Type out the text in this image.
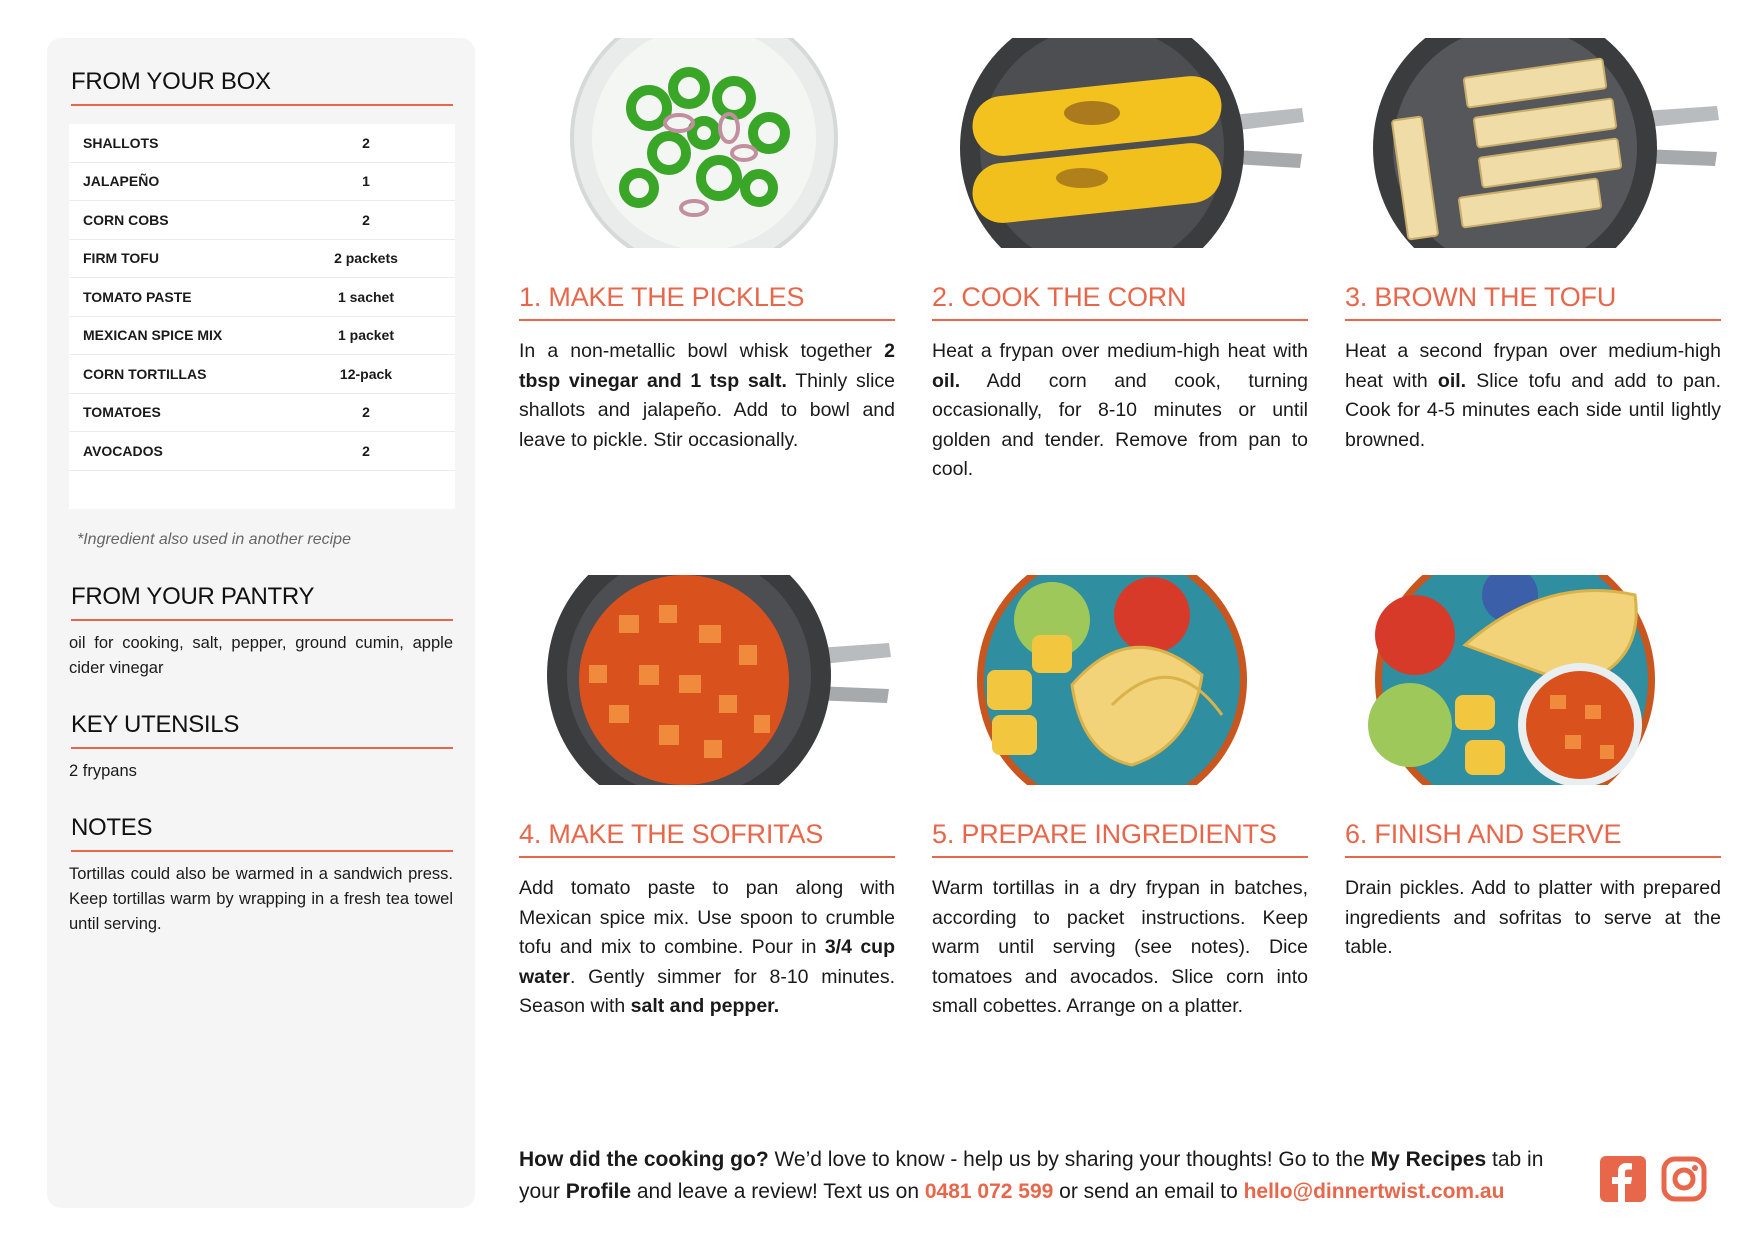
FROM YOUR BOX
SHALLOTS	2
JALAPEÑO	1
CORN COBS	2
FIRM TOFU	2 packets
TOMATO PASTE	1 sachet
MEXICAN SPICE MIX	1 packet
CORN TORTILLAS	12-pack
TOMATOES	2
AVOCADOS	2
*Ingredient also used in another recipe
FROM YOUR PANTRY
oil for cooking, salt, pepper, ground cumin, apple cider vinegar
KEY UTENSILS
2 frypans
NOTES
Tortillas could also be warmed in a sandwich press. Keep tortillas warm by wrapping in a fresh tea towel until serving.
1. MAKE THE PICKLES
In a non-metallic bowl whisk together 2 tbsp vinegar and 1 tsp salt. Thinly slice shallots and jalapeño. Add to bowl and leave to pickle. Stir occasionally.
2. COOK THE CORN
Heat a frypan over medium-high heat with oil. Add corn and cook, turning occasionally, for 8-10 minutes or until golden and tender. Remove from pan to cool.
3. BROWN THE TOFU
Heat a second frypan over medium-high heat with oil. Slice tofu and add to pan. Cook for 4-5 minutes each side until lightly browned.
4. MAKE THE SOFRITAS
Add tomato paste to pan along with Mexican spice mix. Use spoon to crumble tofu and mix to combine. Pour in 3/4 cup water. Gently simmer for 8-10 minutes. Season with salt and pepper.
5. PREPARE INGREDIENTS
Warm tortillas in a dry frypan in batches, according to packet instructions. Keep warm until serving (see notes). Dice tomatoes and avocados. Slice corn into small cobettes. Arrange on a platter.
6. FINISH AND SERVE
Drain pickles. Add to platter with prepared ingredients and sofritas to serve at the table.
How did the cooking go? We’d love to know - help us by sharing your thoughts! Go to the My Recipes tab in your Profile and leave a review! Text us on 0481 072 599 or send an email to hello@dinnertwist.com.au
